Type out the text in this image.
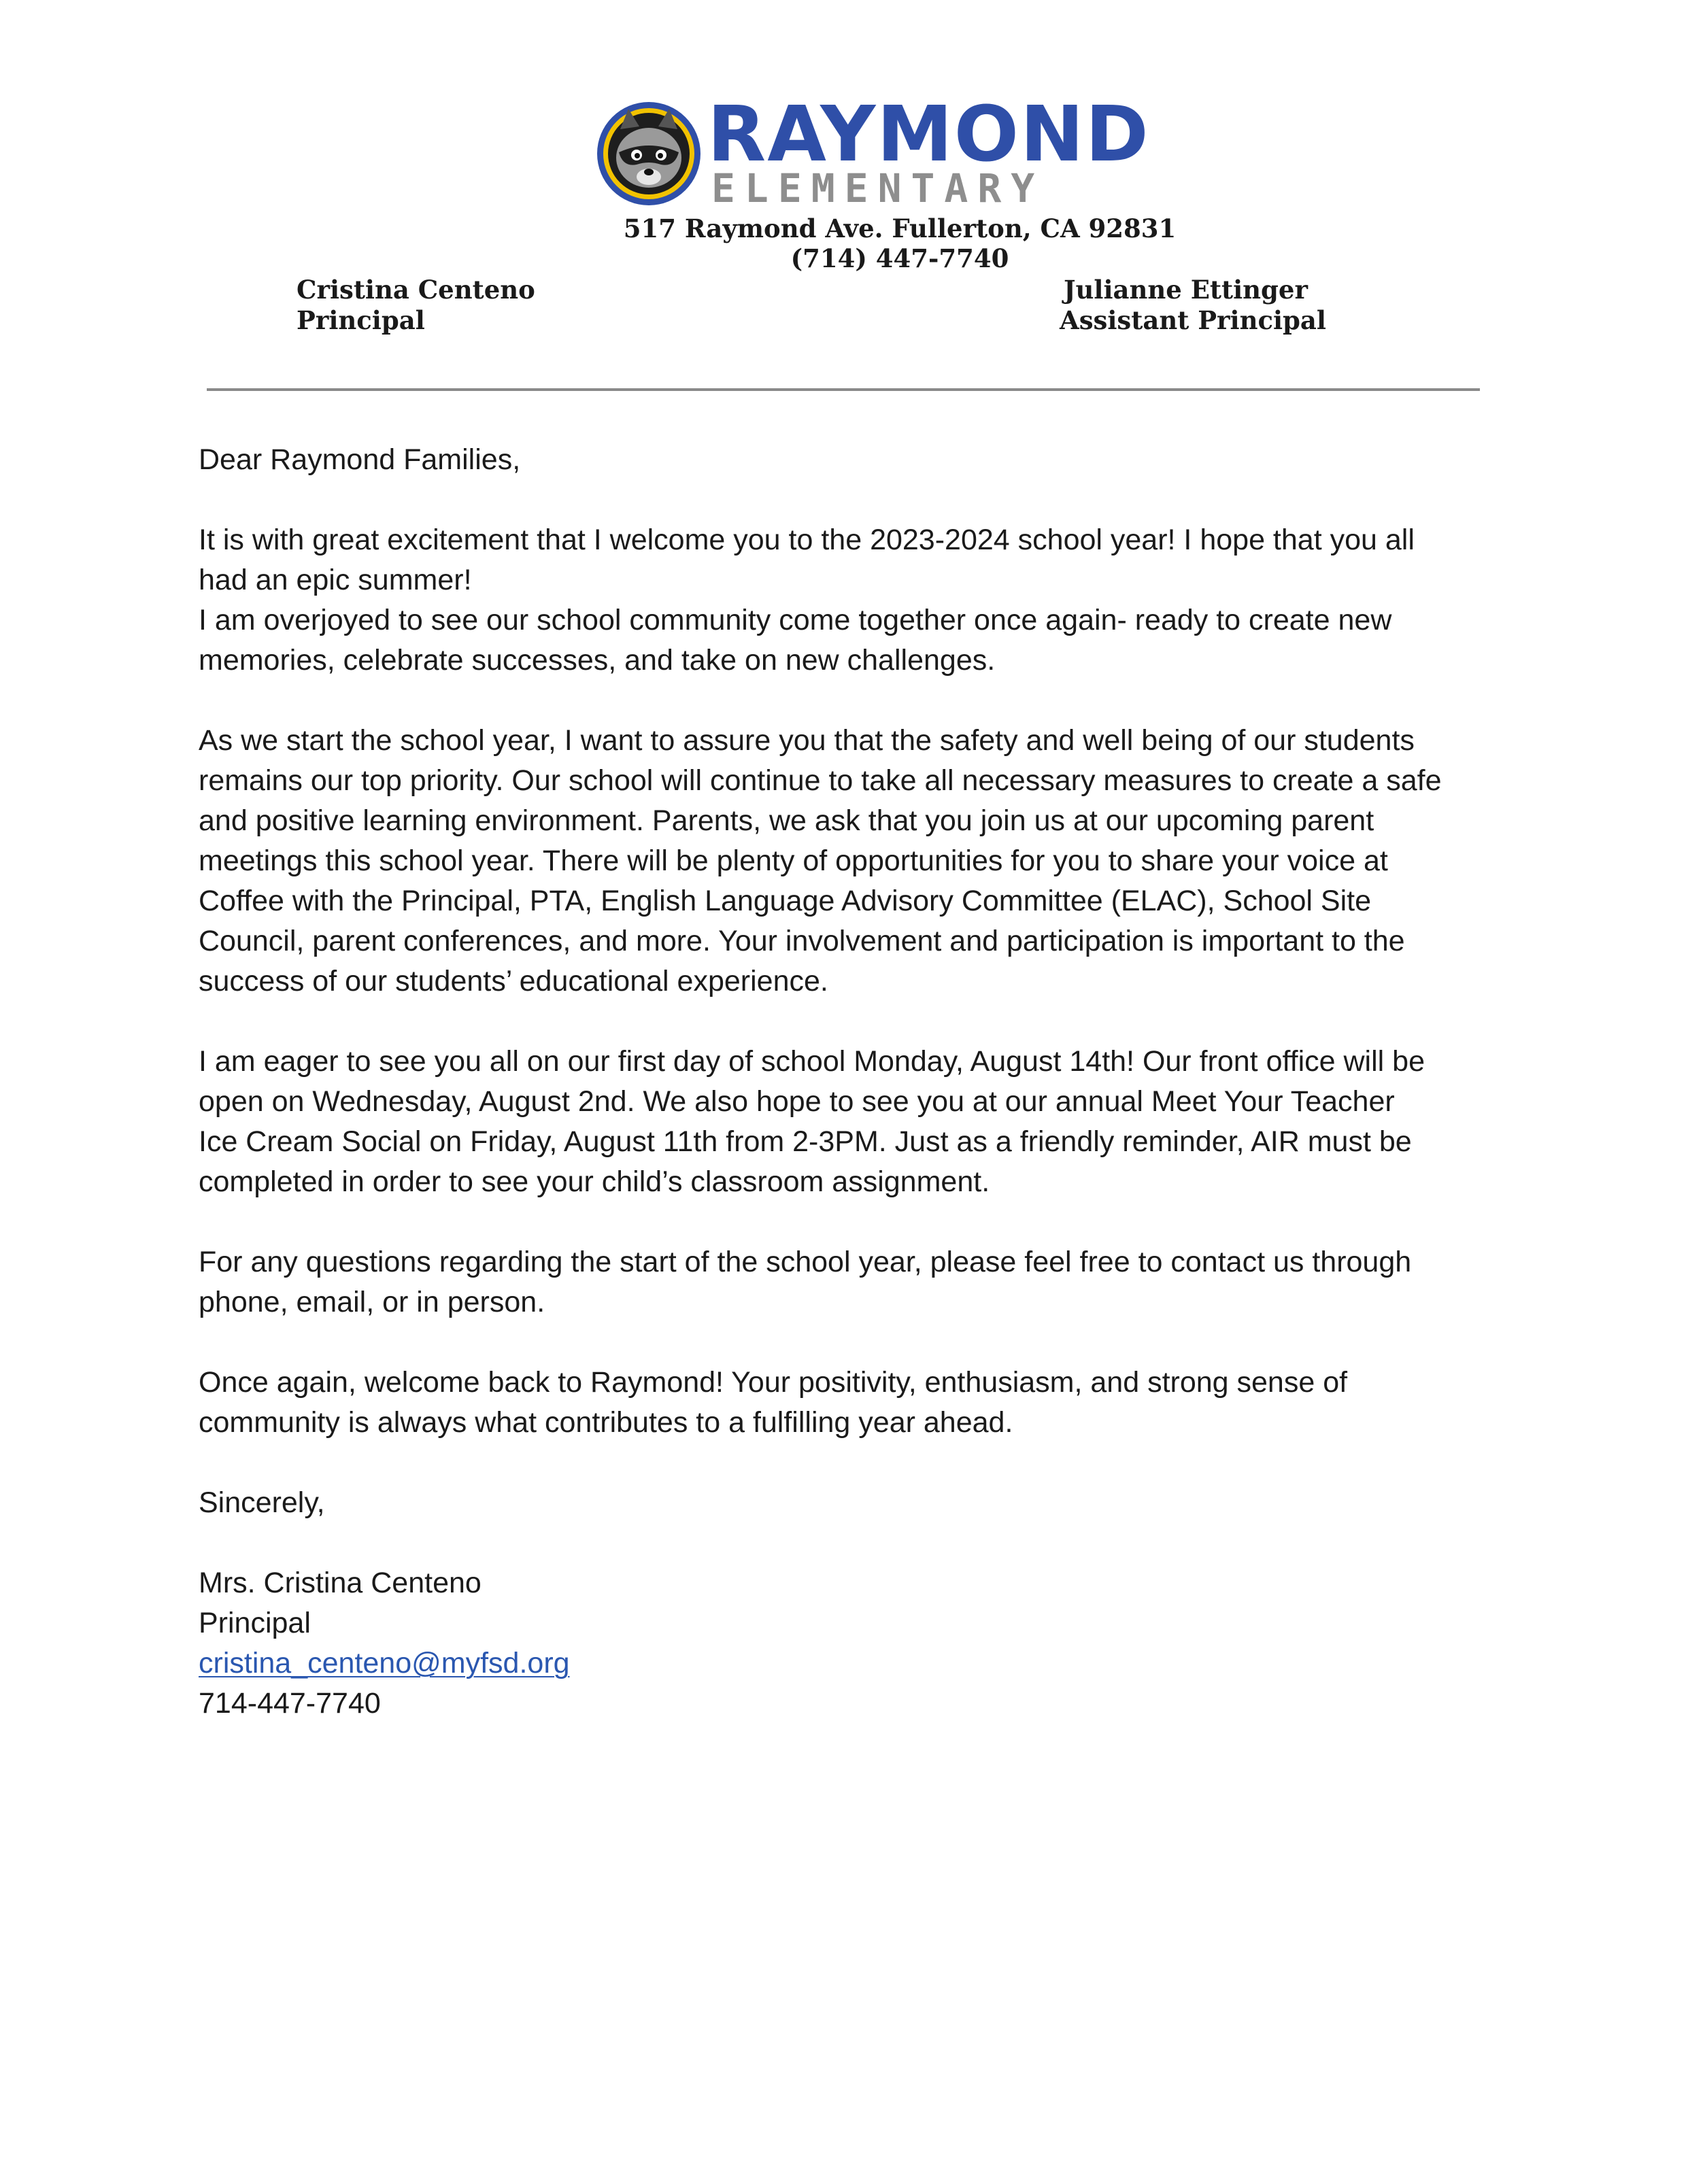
RAYMOND
ELEMENTARY
517 Raymond Ave. Fullerton, CA 92831
(714) 447-7740
Cristina Centeno
Principal
Julianne Ettinger
Assistant Principal

Dear Raymond Families,

It is with great excitement that I welcome you to the 2023-2024 school year! I hope that you all

had an epic summer!

I am overjoyed to see our school community come together once again- ready to create new

memories, celebrate successes, and take on new challenges.

As we start the school year, I want to assure you that the safety and well being of our students

remains our top priority. Our school will continue to take all necessary measures to create a safe

and positive learning environment. Parents, we ask that you join us at our upcoming parent

meetings this school year. There will be plenty of opportunities for you to share your voice at

Coffee with the Principal, PTA, English Language Advisory Committee (ELAC), School Site

Council, parent conferences, and more. Your involvement and participation is important to the

success of our students’ educational experience.

I am eager to see you all on our first day of school Monday, August 14th! Our front office will be

open on Wednesday, August 2nd. We also hope to see you at our annual Meet Your Teacher

Ice Cream Social on Friday, August 11th from 2-3PM. Just as a friendly reminder, AIR must be

completed in order to see your child’s classroom assignment.

For any questions regarding the start of the school year, please feel free to contact us through

phone, email, or in person.

Once again, welcome back to Raymond! Your positivity, enthusiasm, and strong sense of

community is always what contributes to a fulfilling year ahead.

Sincerely,

Mrs. Cristina Centeno

Principal

cristina_centeno@myfsd.org

714-447-7740
